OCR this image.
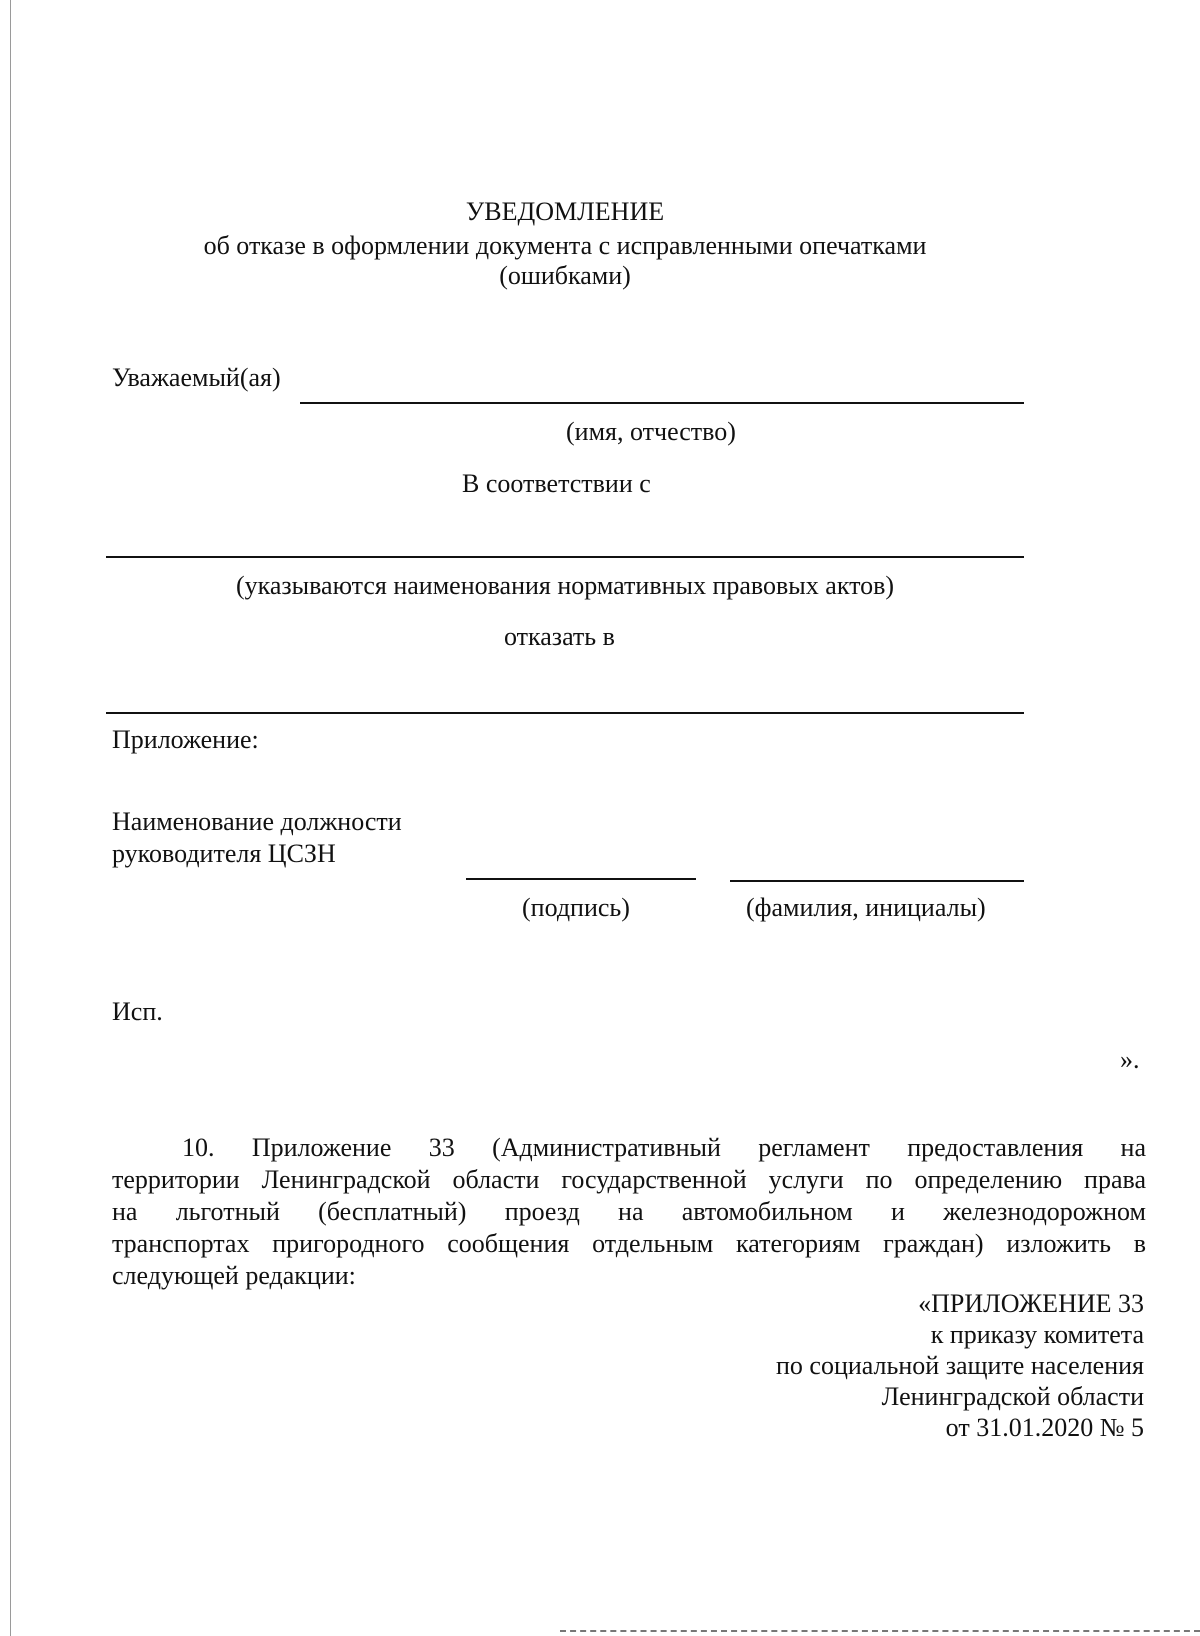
УВЕДОМЛЕНИЕ
об отказе в оформлении документа с исправленными опечатками
(ошибками)
Уважаемый(ая)
(имя, отчество)
В соответствии с
(указываются наименования нормативных правовых актов)
отказать в
Приложение:
Наименование должности
руководителя ЦСЗН
(подпись)	(фамилия, инициалы)
Исп.
».
10. Приложение 33 (Административный регламент предоставления на
территории Ленинградской области государственной услуги по определению права
на льготный (бесплатный) проезд на автомобильном и железнодорожном
транспортах пригородного сообщения отдельным категориям граждан) изложить в
следующей редакции:
«ПРИЛОЖЕНИЕ 33
к приказу комитета
по социальной защите населения
Ленинградской области
от 31.01.2020 № 5
